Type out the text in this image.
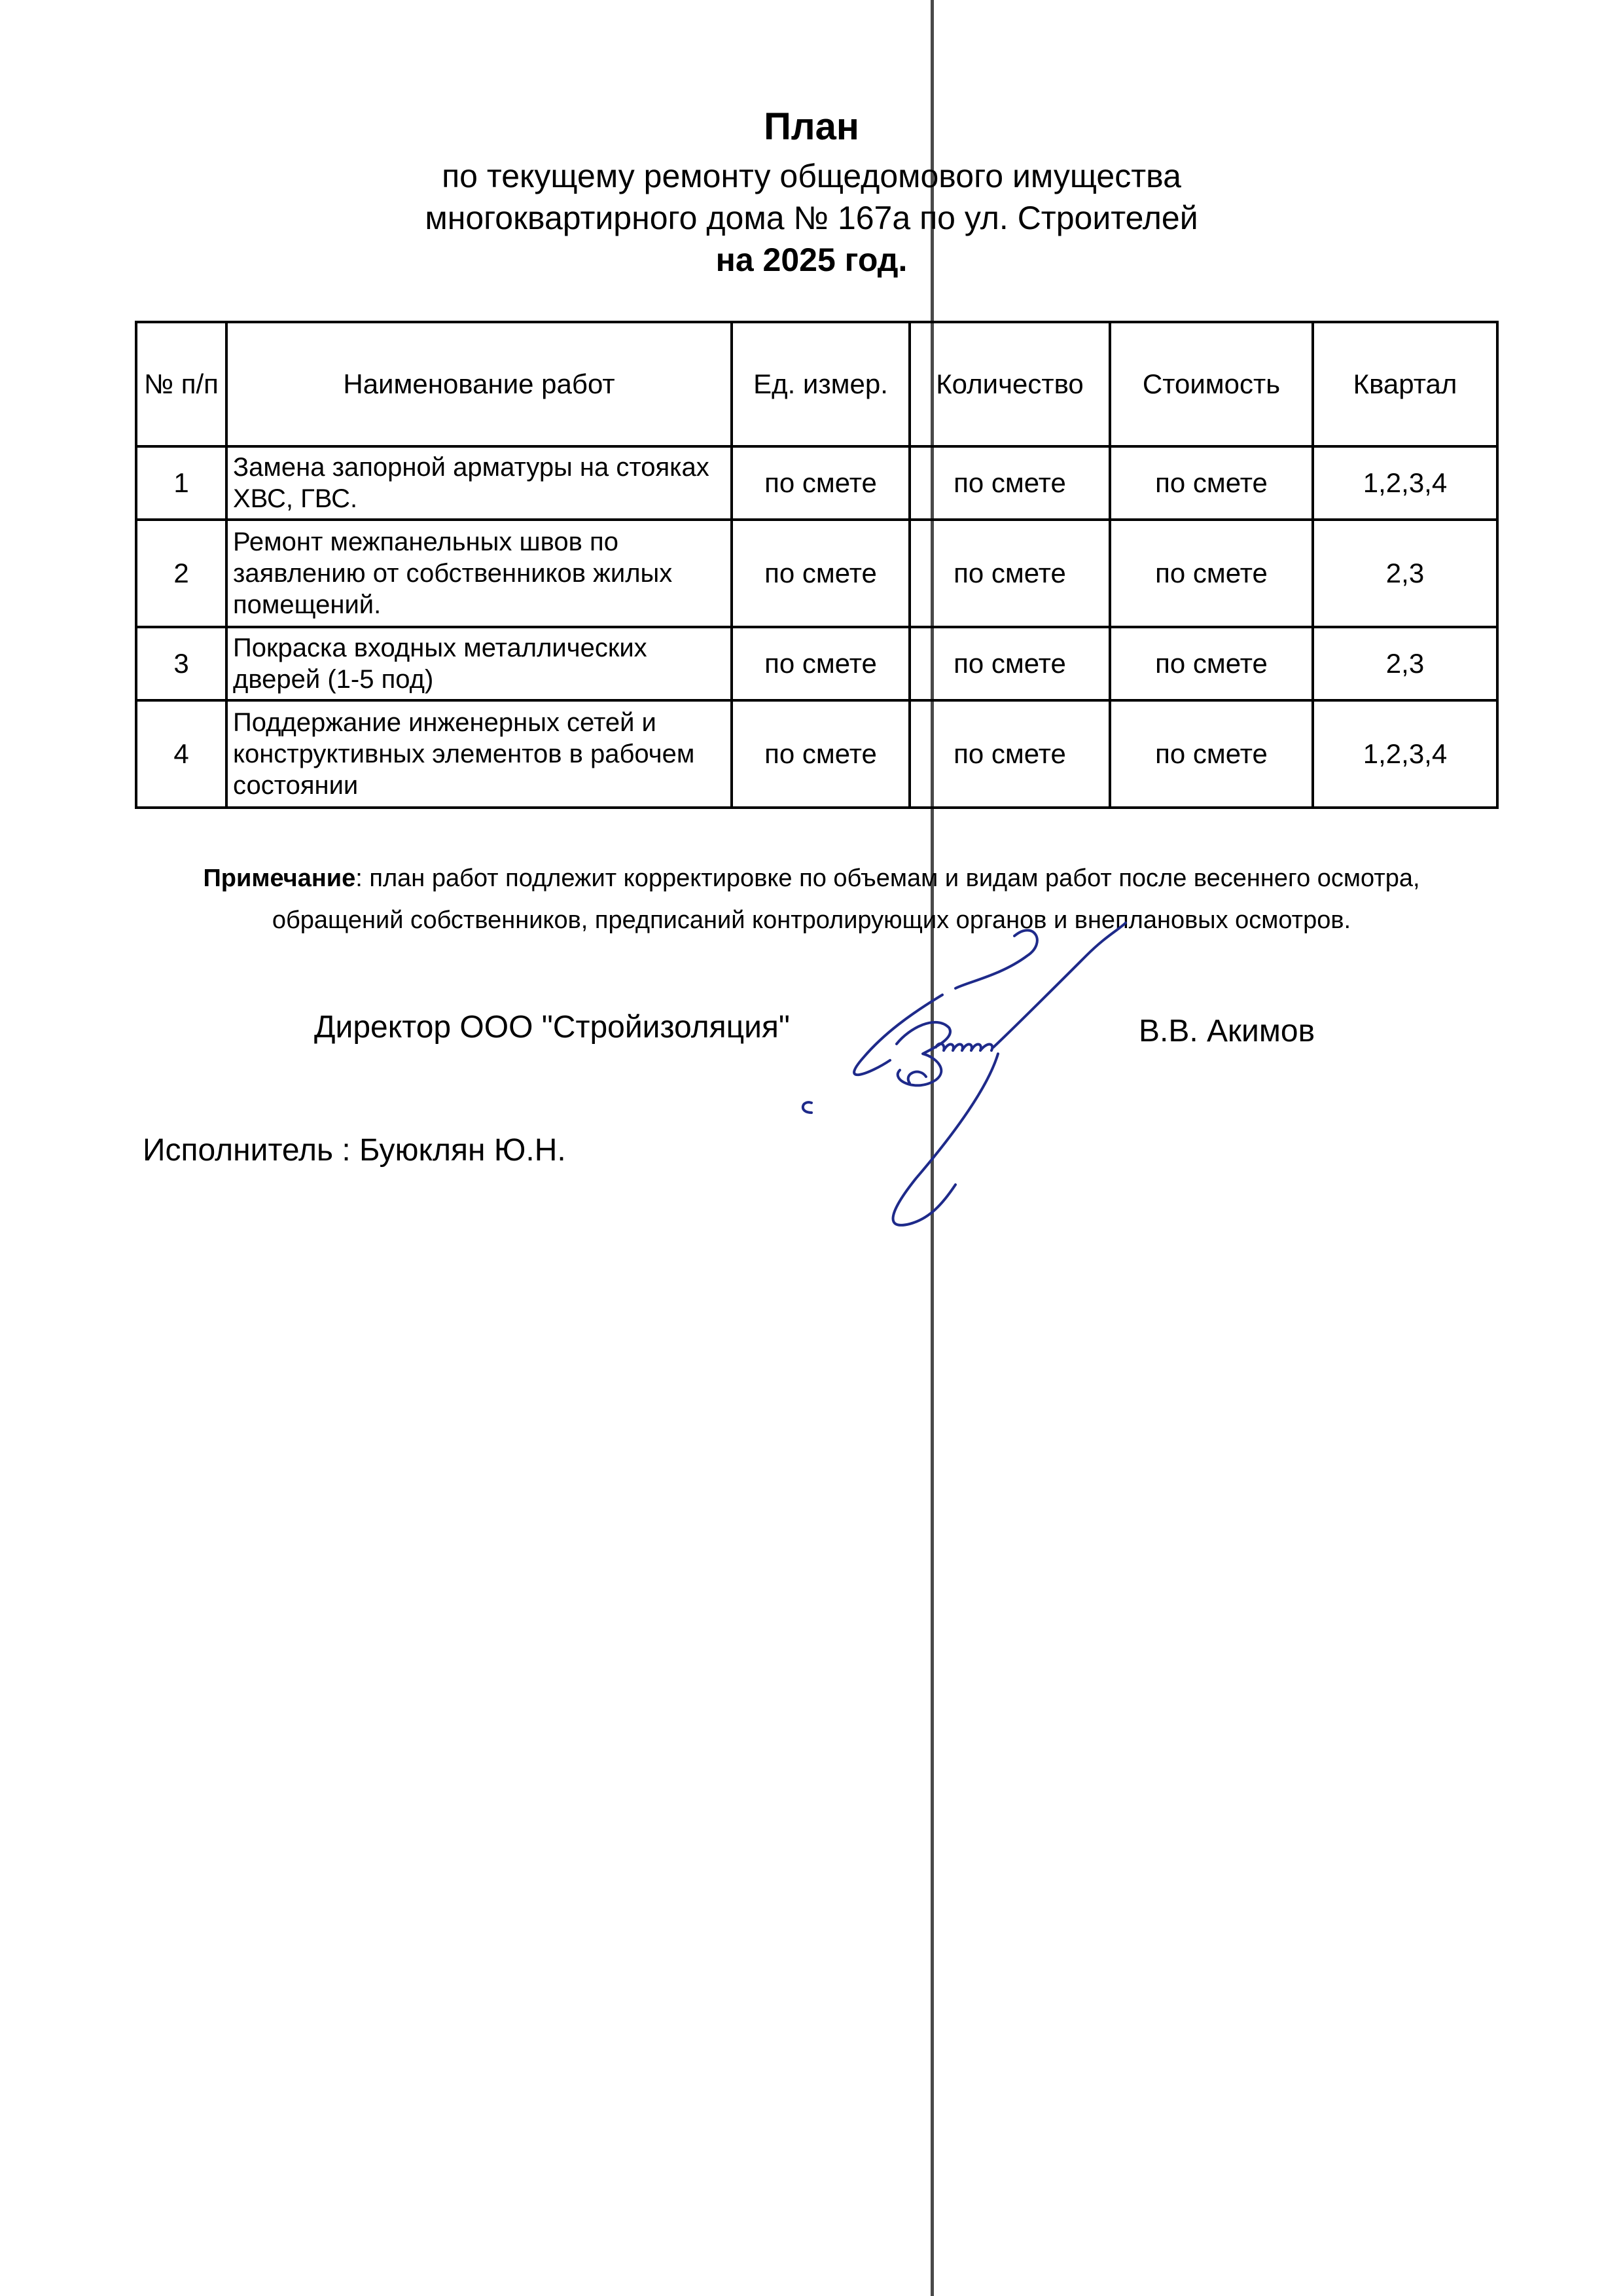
План
по текущему ремонту общедомового имущества
многоквартирного дома № 167а по ул. Строителей
на 2025 год.
№ п/п	Наименование работ	Ед. измер.	Количество	Стоимость	Квартал
1	Замена запорной арматуры на стояках ХВС, ГВС.	по смете	по смете	по смете	1,2,3,4
2	Ремонт межпанельных швов по заявлению от собственников жилых помещений.	по смете	по смете	по смете	2,3
3	Покраска входных металлических дверей (1-5 под)	по смете	по смете	по смете	2,3
4	Поддержание инженерных сетей и конструктивных элементов в рабочем состоянии	по смете	по смете	по смете	1,2,3,4
Примечание: план работ подлежит корректировке по объемам и видам работ после весеннего осмотра,
обращений собственников, предписаний контролирующих органов и внеплановых осмотров.
Директор ООО "Стройизоляция"	В.В. Акимов
Исполнитель : Буюклян Ю.Н.
